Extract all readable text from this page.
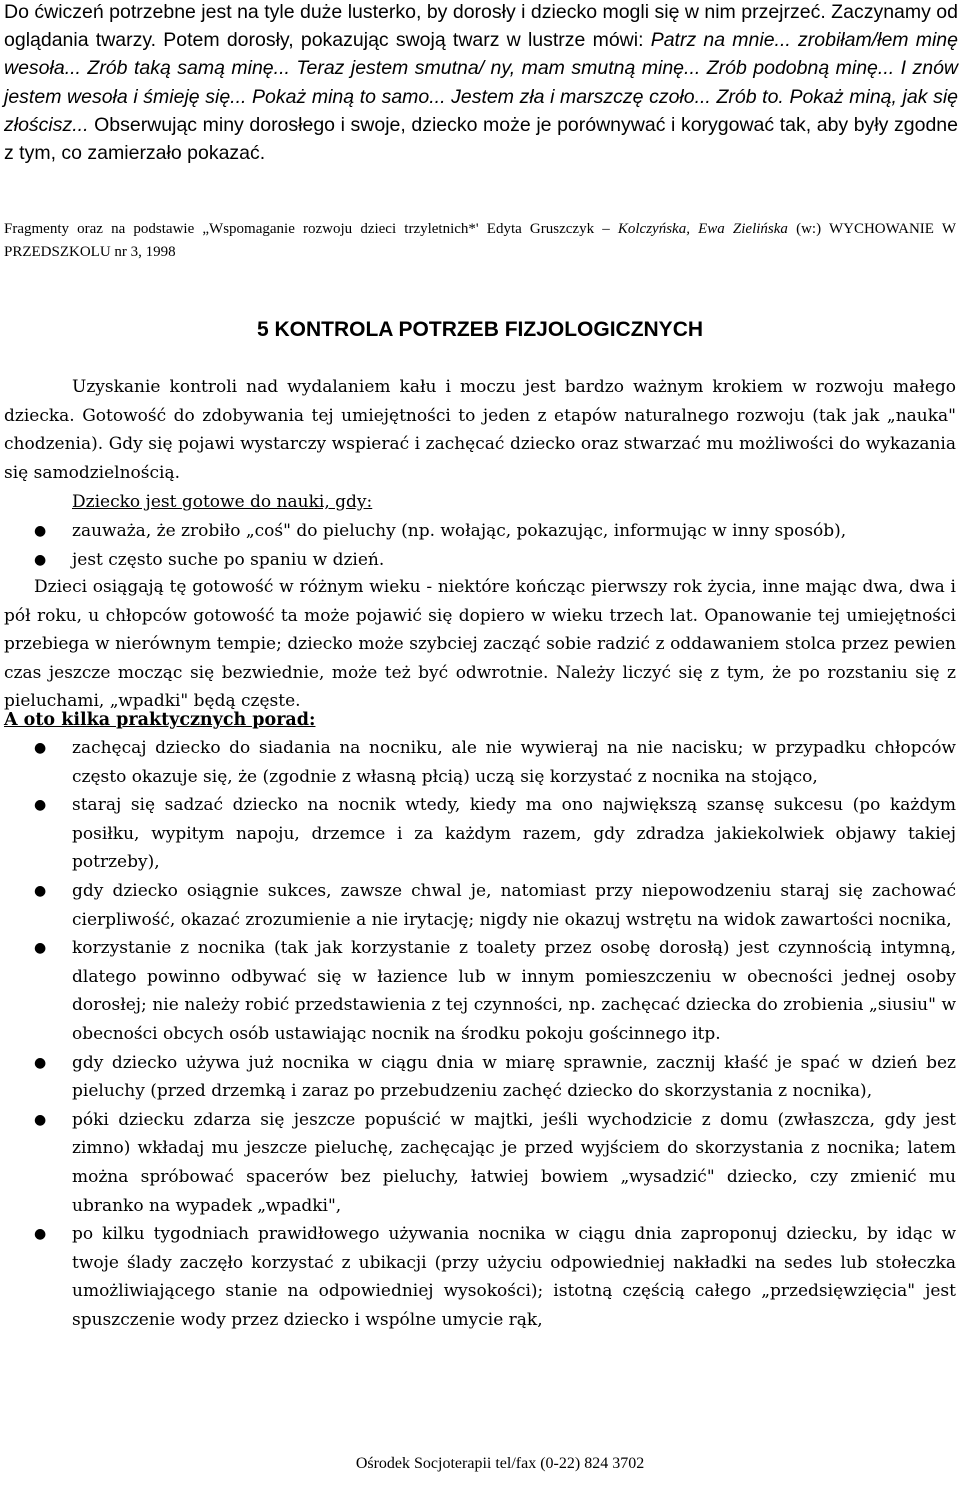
Do ćwiczeń potrzebne jest na tyle duże lusterko, by dorosły i dziecko mogli się w nim przejrzeć. Zaczynamy od oglądania twarzy. Potem dorosły, pokazując swoją twarz w lustrze mówi: Patrz na mnie... zrobiłam/łem minę wesoła... Zrób taką samą minę... Teraz jestem smutna/ ny, mam smutną minę... Zrób podobną minę... I znów jestem wesoła i śmieję się... Pokaż miną to samo... Jestem zła i marszczę czoło... Zrób to. Pokaż miną, jak się złościsz... Obserwując miny dorosłego i swoje, dziecko może je porównywać i korygować tak, aby były zgodne z tym, co zamierzało pokazać.

Fragmenty oraz na podstawie „Wspomaganie rozwoju dzieci trzyletnich*' Edyta Gruszczyk – Kolczyńska, Ewa Zielińska (w:) WYCHOWANIE W PRZEDSZKOLU nr 3, 1998

5 KONTROLA POTRZEB FIZJOLOGICZNYCH

Uzyskanie kontroli nad wydalaniem kału i moczu jest bardzo ważnym krokiem w rozwoju małego dziecka. Gotowość do zdobywania tej umiejętności to jeden z etapów naturalnego rozwoju (tak jak „nauka" chodzenia). Gdy się pojawi wystarczy wspierać i zachęcać dziecko oraz stwarzać mu możliwości do wykazania się samodzielnością.

Dziecko jest gotowe do nauki, gdy:

● zauważa, że zrobiło „coś" do pieluchy (np. wołając, pokazując, informując w inny sposób),
● jest często suche po spaniu w dzień.

Dzieci osiągają tę gotowość w różnym wieku - niektóre kończąc pierwszy rok życia, inne mając dwa, dwa i pół roku, u chłopców gotowość ta może pojawić się dopiero w wieku trzech lat. Opanowanie tej umiejętności przebiega w nierównym tempie; dziecko może szybciej zacząć sobie radzić z oddawaniem stolca przez pewien czas jeszcze mocząc się bezwiednie, może też być odwrotnie. Należy liczyć się z tym, że po rozstaniu się z pieluchami, „wpadki" będą częste.

A oto kilka praktycznych porad:

● zachęcaj dziecko do siadania na nocniku, ale nie wywieraj na nie nacisku; w przypadku chłopców często okazuje się, że (zgodnie z własną płcią) uczą się korzystać z nocnika na stojąco,
● staraj się sadzać dziecko na nocnik wtedy, kiedy ma ono największą szansę sukcesu (po każdym posiłku, wypitym napoju, drzemce i za każdym razem, gdy zdradza jakiekolwiek objawy takiej potrzeby),
● gdy dziecko osiągnie sukces, zawsze chwal je, natomiast przy niepowodzeniu staraj się zachować cierpliwość, okazać zrozumienie a nie irytację; nigdy nie okazuj wstrętu na widok zawartości nocnika,
● korzystanie z nocnika (tak jak korzystanie z toalety przez osobę dorosłą) jest czynnością intymną, dlatego powinno odbywać się w łazience lub w innym pomieszczeniu w obecności jednej osoby dorosłej; nie należy robić przedstawienia z tej czynności, np. zachęcać dziecka do zrobienia „siusiu" w obecności obcych osób ustawiając nocnik na środku pokoju gościnnego itp.
● gdy dziecko używa już nocnika w ciągu dnia w miarę sprawnie, zacznij kłaść je spać w dzień bez pieluchy (przed drzemką i zaraz po przebudzeniu zachęć dziecko do skorzystania z nocnika),
● póki dziecku zdarza się jeszcze popuścić w majtki, jeśli wychodzicie z domu (zwłaszcza, gdy jest zimno) wkładaj mu jeszcze pieluchę, zachęcając je przed wyjściem do skorzystania z nocnika; latem można spróbować spacerów bez pieluchy, łatwiej bowiem „wysadzić" dziecko, czy zmienić mu ubranko na wypadek „wpadki",
● po kilku tygodniach prawidłowego używania nocnika w ciągu dnia zaproponuj dziecku, by idąc w twoje ślady zaczęło korzystać z ubikacji (przy użyciu odpowiedniej nakładki na sedes lub stołeczka umożliwiającego stanie na odpowiedniej wysokości); istotną częścią całego „przedsięwzięcia" jest spuszczenie wody przez dziecko i wspólne umycie rąk,
Ośrodek Socjoterapii tel/fax (0-22) 824 3702
